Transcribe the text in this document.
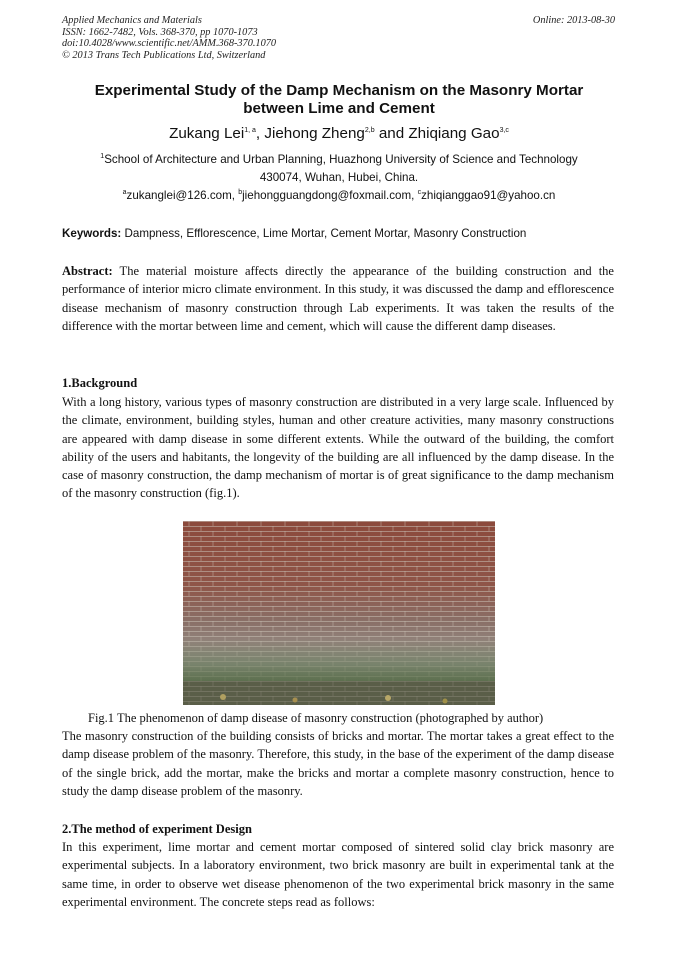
Applied Mechanics and Materials
ISSN: 1662-7482, Vols. 368-370, pp 1070-1073
doi:10.4028/www.scientific.net/AMM.368-370.1070
© 2013 Trans Tech Publications Ltd, Switzerland
Online: 2013-08-30
Experimental Study of the Damp Mechanism on the Masonry Mortar
between Lime and Cement
Zukang Lei$^{1, a}$, Jiehong Zheng$^{2,b}$ and Zhiqiang Gao$^{3,c}$
$^1$School of Architecture and Urban Planning, Huazhong University of Science and Technology
430074, Wuhan, Hubei, China.
$^a$zukanglei@126.com, $^b$jiehongguangdong@foxmail.com, $^c$zhiqianggao91@yahoo.cn
Keywords: Dampness, Efflorescence, Lime Mortar, Cement Mortar, Masonry Construction
Abstract: The material moisture affects directly the appearance of the building construction and the performance of interior micro climate environment. In this study, it was discussed the damp and efflorescence disease mechanism of masonry construction through Lab experiments. It was taken the results of the difference with the mortar between lime and cement, which will cause the different damp diseases.
1.Background
With a long history, various types of masonry construction are distributed in a very large scale. Influenced by the climate, environment, building styles, human and other creature activities, many masonry constructions are appeared with damp disease in some different extents. While the outward of the building, the comfort ability of the users and habitants, the longevity of the building are all influenced by the damp disease. In the case of masonry construction, the damp mechanism of mortar is of great significance to the damp mechanism of the masonry construction (fig.1).
Fig.1 The phenomenon of damp disease of masonry construction (photographed by author)
The masonry construction of the building consists of bricks and mortar. The mortar takes a great effect to the damp disease problem of the masonry. Therefore, this study, in the base of the experiment of the damp disease of the single brick, add the mortar, make the bricks and mortar a complete masonry construction, hence to study the damp disease problem of the masonry.
2.The method of experiment Design
In this experiment, lime mortar and cement mortar composed of sintered solid clay brick masonry are experimental subjects. In a laboratory environment, two brick masonry are built in experimental tank at the same time, in order to observe wet disease phenomenon of the two experimental brick masonry in the same experimental environment. The concrete steps read as follows:
